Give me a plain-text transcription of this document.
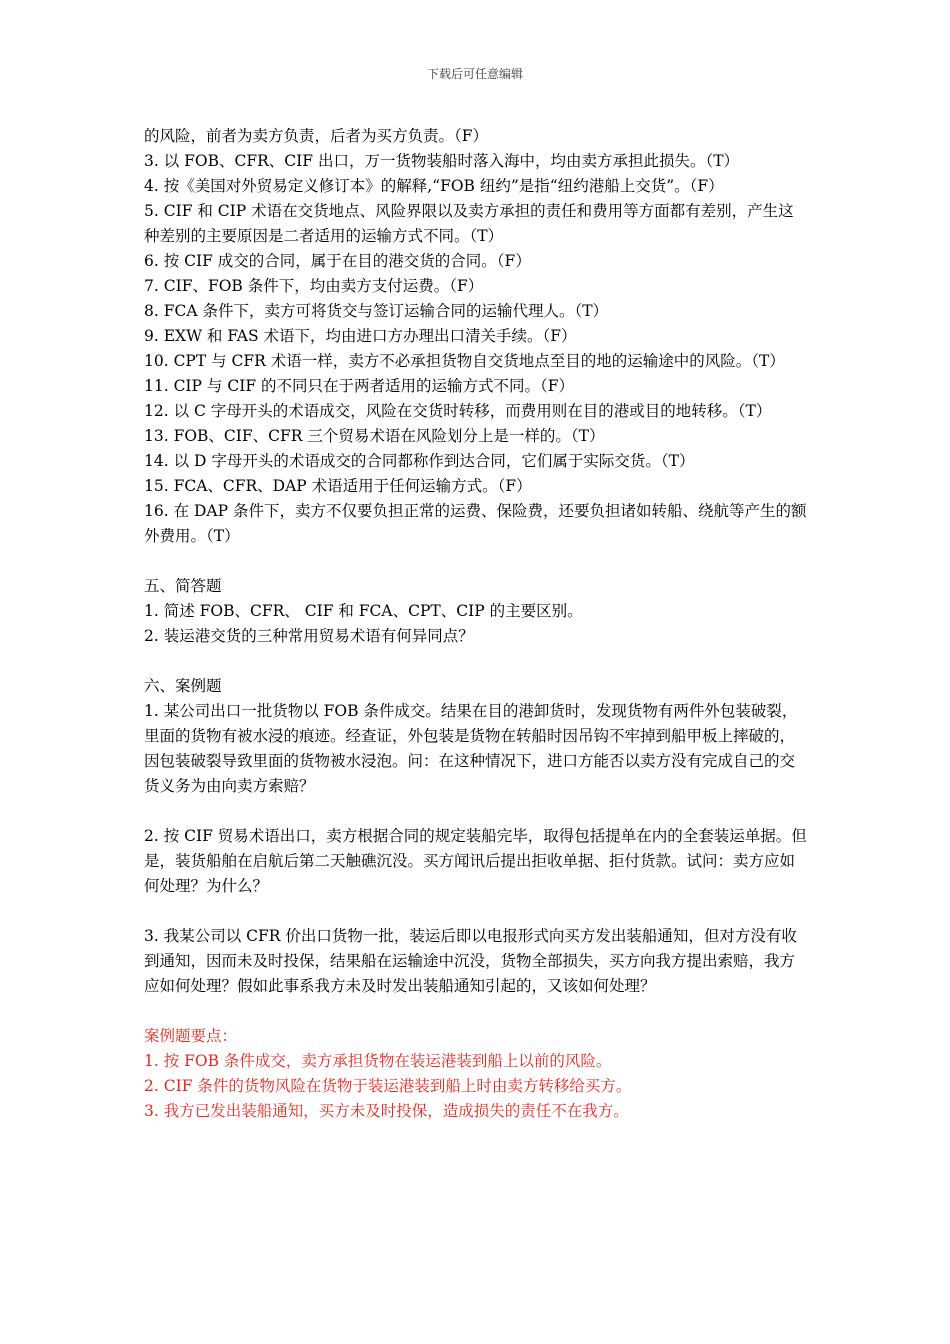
下载后可任意编辑

的风险，前者为卖方负责，后者为买方负责。（F）

3. 以 FOB、CFR、CIF 出口，万一货物装船时落入海中，均由卖方承担此损失。（T）

4. 按《美国对外贸易定义修订本》的解释,“FOB 纽约”是指“纽约港船上交货”。（F）

5. CIF 和 CIP 术语在交货地点、风险界限以及卖方承担的责任和费用等方面都有差别，产生这种差别的主要原因是二者适用的运输方式不同。（T）

6. 按 CIF 成交的合同，属于在目的港交货的合同。（F）

7. CIF、FOB 条件下，均由卖方支付运费。（F）

8. FCA 条件下，卖方可将货交与签订运输合同的运输代理人。（T）

9. EXW 和 FAS 术语下，均由进口方办理出口清关手续。（F）

10. CPT 与 CFR 术语一样，卖方不必承担货物自交货地点至目的地的运输途中的风险。（T）

11. CIP 与 CIF 的不同只在于两者适用的运输方式不同。（F）

12. 以 C 字母开头的术语成交，风险在交货时转移，而费用则在目的港或目的地转移。（T）

13. FOB、CIF、CFR 三个贸易术语在风险划分上是一样的。（T）

14. 以 D 字母开头的术语成交的合同都称作到达合同，它们属于实际交货。（T）

15. FCA、CFR、DAP 术语适用于任何运输方式。（F）

16. 在 DAP 条件下，卖方不仅要负担正常的运费、保险费，还要负担诸如转船、绕航等产生的额外费用。（T）

五、简答题

1. 简述 FOB、CFR、 CIF 和 FCA、CPT、CIP 的主要区别。

2. 装运港交货的三种常用贸易术语有何异同点？

六、案例题

1. 某公司出口一批货物以 FOB 条件成交。结果在目的港卸货时，发现货物有两件外包装破裂，里面的货物有被水浸的痕迹。经查证，外包装是货物在转船时因吊钩不牢掉到船甲板上摔破的，因包装破裂导致里面的货物被水浸泡。问：在这种情况下，进口方能否以卖方没有完成自己的交货义务为由向卖方索赔？

2. 按 CIF 贸易术语出口，卖方根据合同的规定装船完毕，取得包括提单在内的全套装运单据。但是，装货船舶在启航后第二天触礁沉没。买方闻讯后提出拒收单据、拒付货款。试问：卖方应如何处理？为什么？

3. 我某公司以 CFR 价出口货物一批，装运后即以电报形式向买方发出装船通知，但对方没有收到通知，因而未及时投保，结果船在运输途中沉没，货物全部损失，买方向我方提出索赔，我方应如何处理？假如此事系我方未及时发出装船通知引起的，又该如何处理？

案例题要点：

1. 按 FOB 条件成交，卖方承担货物在装运港装到船上以前的风险。

2. CIF 条件的货物风险在货物于装运港装到船上时由卖方转移给买方。

3. 我方已发出装船通知，买方未及时投保，造成损失的责任不在我方。
